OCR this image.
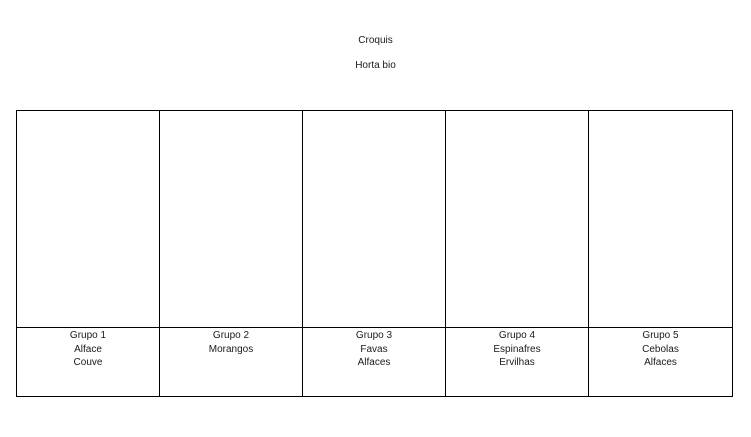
Croquis

Horta bio

Grupo 1
Alface
Couve
Grupo 2
Morangos
Grupo 3
Favas
Alfaces
Grupo 4
Espinafres
Ervilhas
Grupo 5
Cebolas
Alfaces
